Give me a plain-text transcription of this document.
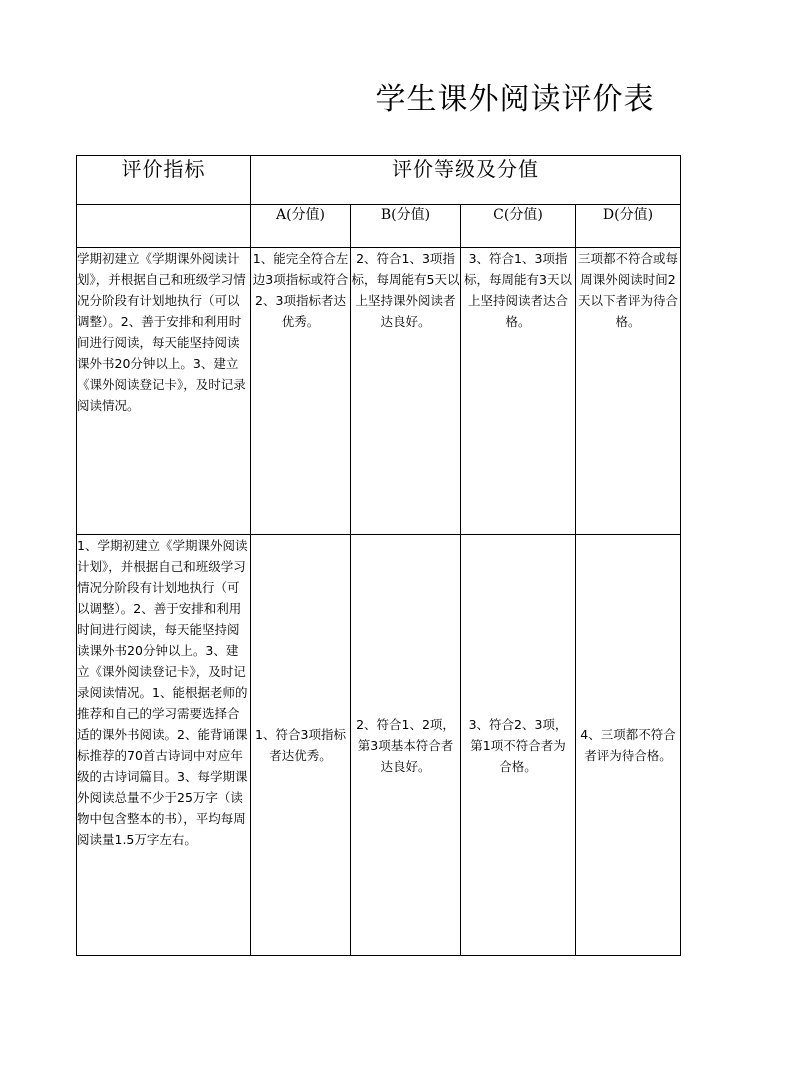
学生课外阅读评价表
评价指标	评价等级及分值			
	A(分值)	B(分值)	C(分值)	D(分值)
学期初建立《学期课外阅读计划》，并根据自己和班级学习情况分阶段有计划地执行（可以调整）。2、善于安排和利用时间进行阅读，每天能坚持阅读课外书20分钟以上。3、建立《课外阅读登记卡》，及时记录阅读情况。	1、能完全符合左边3项指标或符合2、3项指标者达优秀。	2、符合1、3项指标，每周能有5天以上坚持课外阅读者达良好。	3、符合1、3项指标，每周能有3天以上坚持阅读者达合格。	三项都不符合或每周课外阅读时间2天以下者评为待合格。
1、学期初建立《学期课外阅读计划》，并根据自己和班级学习情况分阶段有计划地执行（可以调整）。2、善于安排和利用时间进行阅读，每天能坚持阅读课外书20分钟以上。3、建立《课外阅读登记卡》，及时记录阅读情况。1、能根据老师的推荐和自己的学习需要选择合适的课外书阅读。2、能背诵课标推荐的70首古诗词中对应年级的古诗词篇目。3、每学期课外阅读总量不少于25万字（读物中包含整本的书），平均每周阅读量1.5万字左右。	1、符合3项指标者达优秀。	2、符合1、2项，第3项基本符合者达良好。	3、符合2、3项，第1项不符合者为合格。	4、三项都不符合者评为待合格。
